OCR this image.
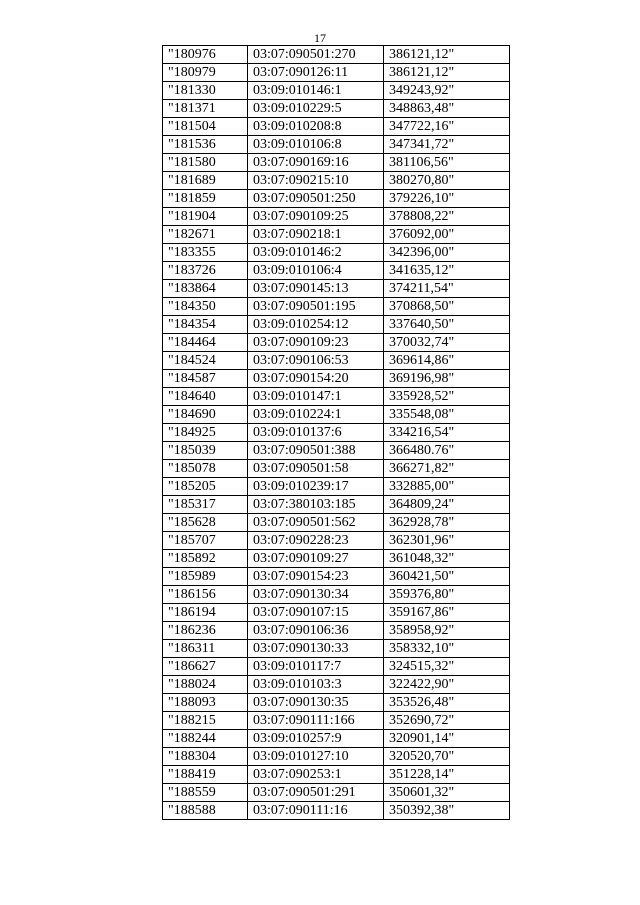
17
"180976	03:07:090501:270	386121,12"
"180979	03:07:090126:11	386121,12"
"181330	03:09:010146:1	349243,92"
"181371	03:09:010229:5	348863,48"
"181504	03:09:010208:8	347722,16"
"181536	03:09:010106:8	347341,72"
"181580	03:07:090169:16	381106,56"
"181689	03:07:090215:10	380270,80"
"181859	03:07:090501:250	379226,10"
"181904	03:07:090109:25	378808,22"
"182671	03:07:090218:1	376092,00"
"183355	03:09:010146:2	342396,00"
"183726	03:09:010106:4	341635,12"
"183864	03:07:090145:13	374211,54"
"184350	03:07:090501:195	370868,50"
"184354	03:09:010254:12	337640,50"
"184464	03:07:090109:23	370032,74"
"184524	03:07:090106:53	369614,86"
"184587	03:07:090154:20	369196,98"
"184640	03:09:010147:1	335928,52"
"184690	03:09:010224:1	335548,08"
"184925	03:09:010137:6	334216,54"
"185039	03:07:090501:388	366480.76"
"185078	03:07:090501:58	366271,82"
"185205	03:09:010239:17	332885,00"
"185317	03:07:380103:185	364809,24"
"185628	03:07:090501:562	362928,78"
"185707	03:07:090228:23	362301,96"
"185892	03:07:090109:27	361048,32"
"185989	03:07:090154:23	360421,50"
"186156	03:07:090130:34	359376,80"
"186194	03:07:090107:15	359167,86"
"186236	03:07:090106:36	358958,92"
"186311	03:07:090130:33	358332,10"
"186627	03:09:010117:7	324515,32"
"188024	03:09:010103:3	322422,90"
"188093	03:07:090130:35	353526,48"
"188215	03:07:090111:166	352690,72"
"188244	03:09:010257:9	320901,14"
"188304	03:09:010127:10	320520,70"
"188419	03:07:090253:1	351228,14"
"188559	03:07:090501:291	350601,32"
"188588	03:07:090111:16	350392,38"
